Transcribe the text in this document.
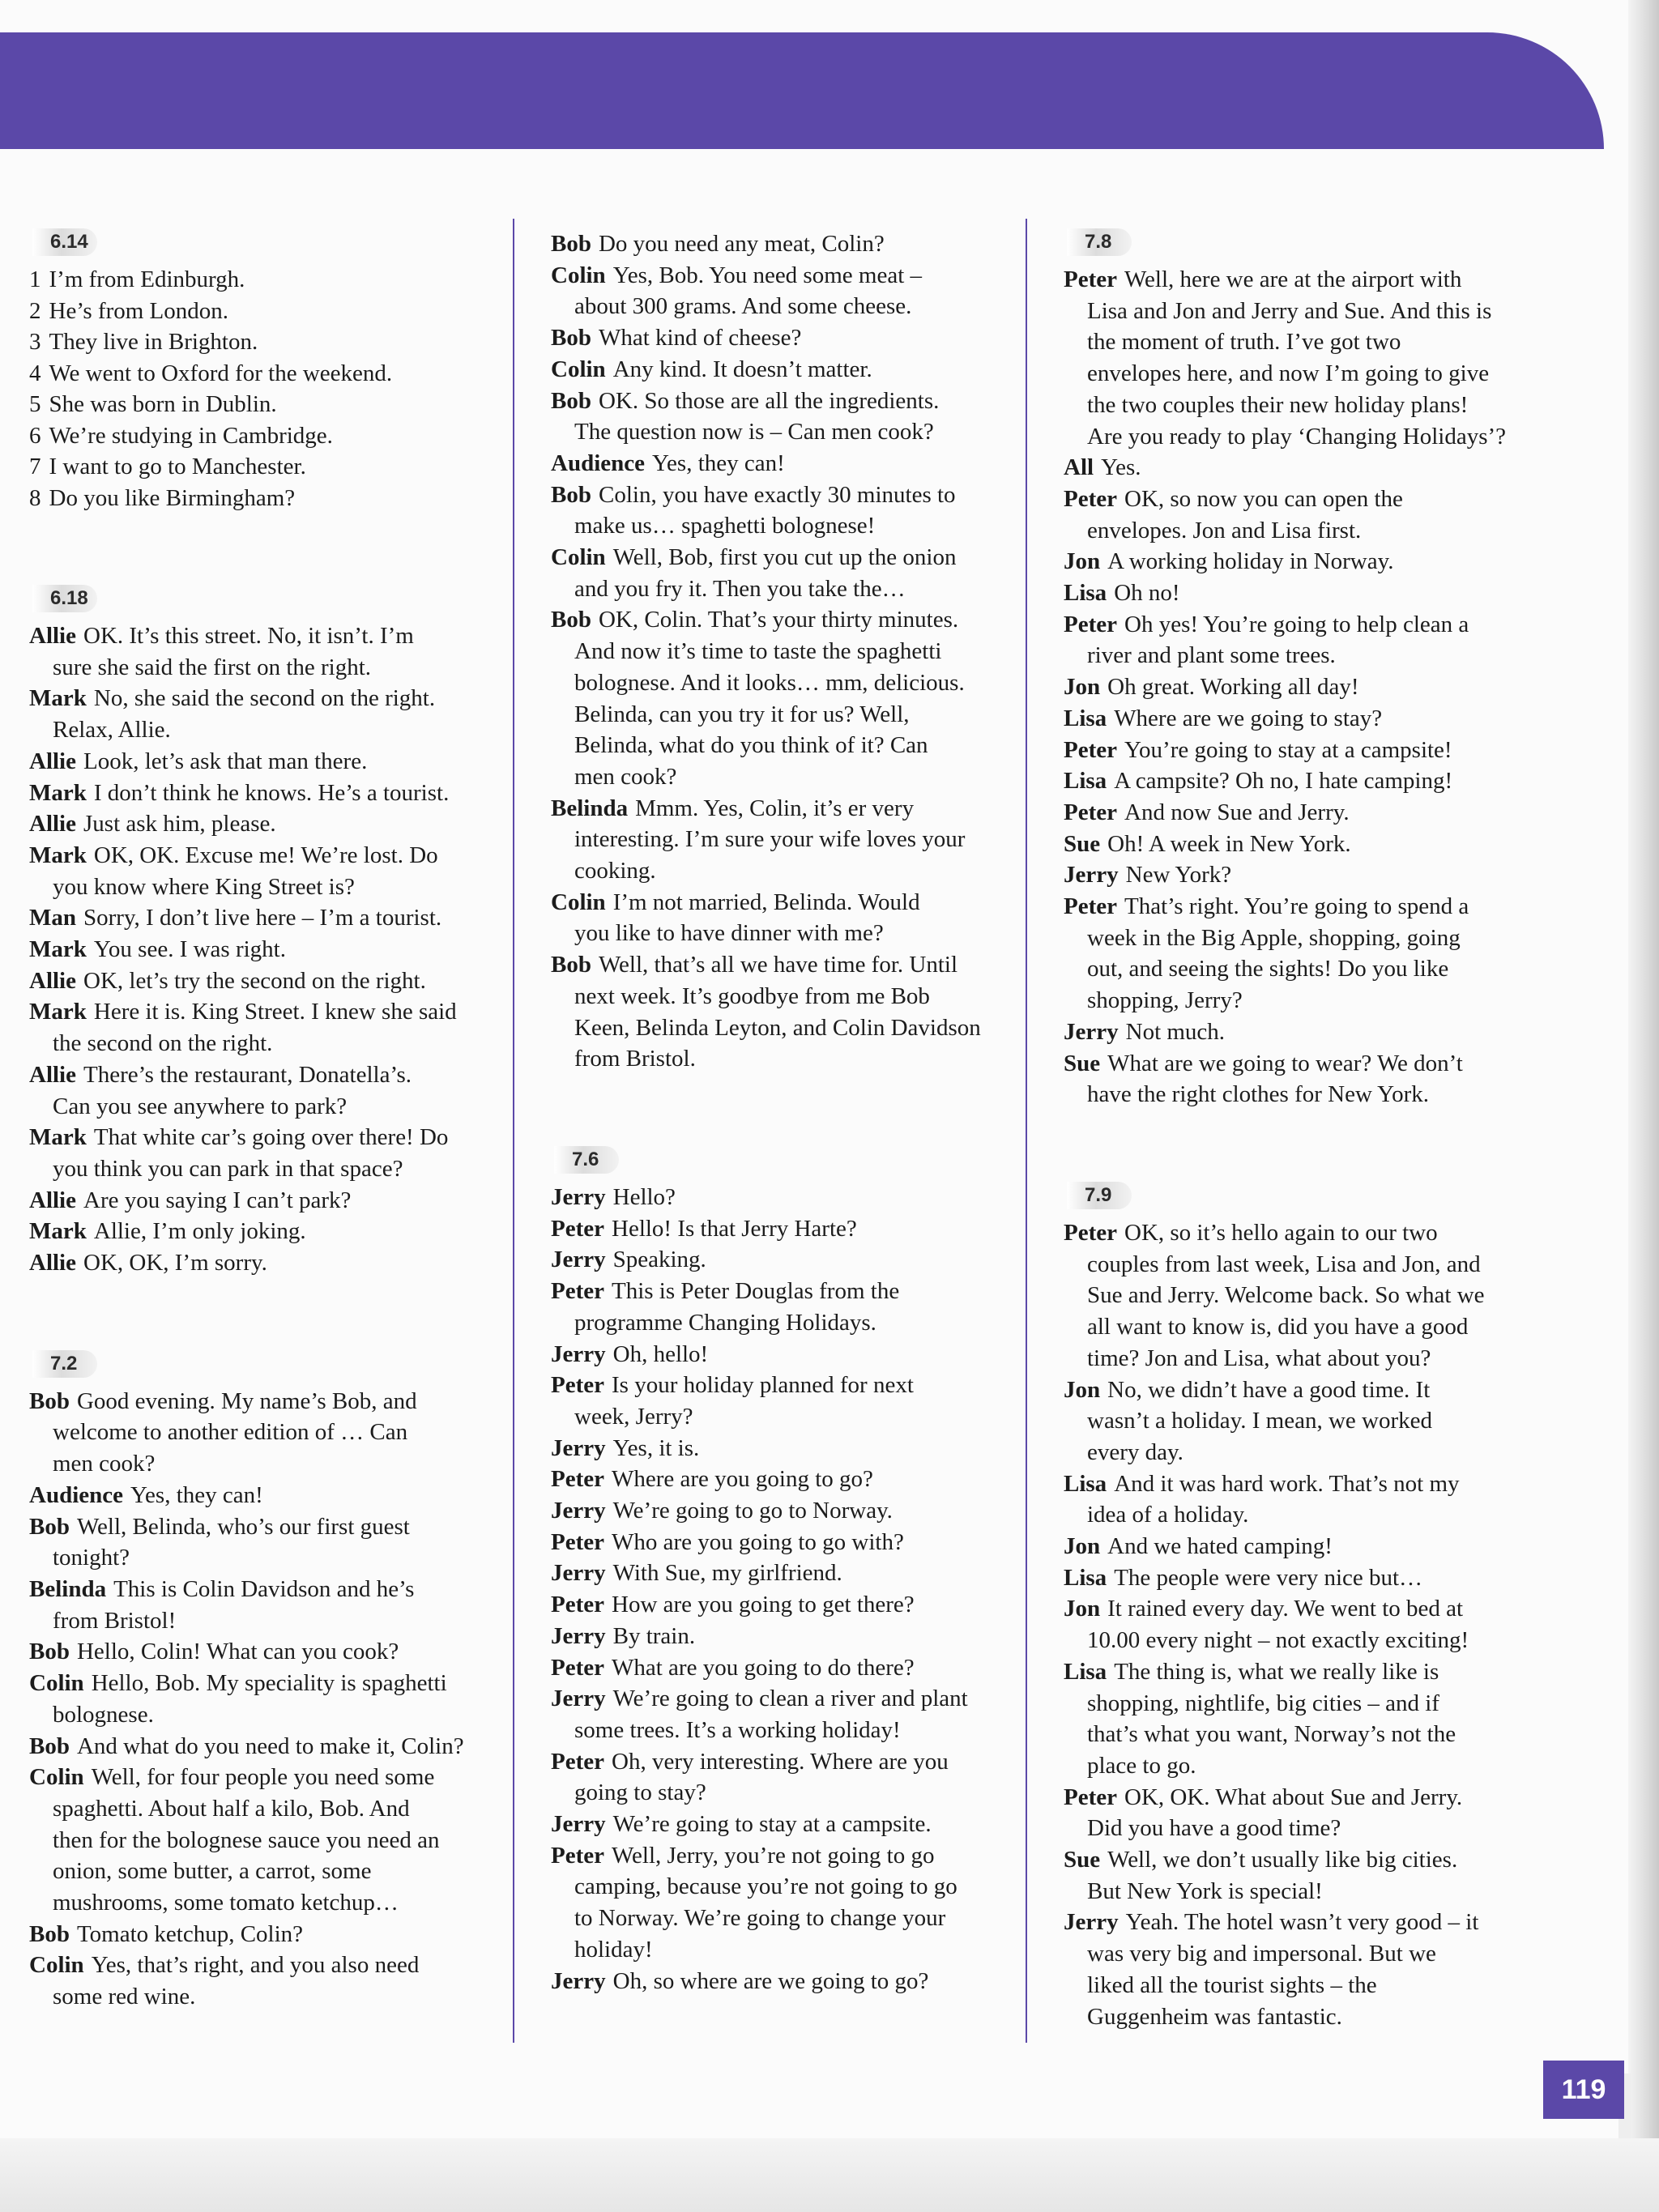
6.14
1 I’m from Edinburgh.
2 He’s from London.
3 They live in Brighton.
4 We went to Oxford for the weekend.
5 She was born in Dublin.
6 We’re studying in Cambridge.
7 I want to go to Manchester.
8 Do you like Birmingham?
6.18
Allie OK. It’s this street. No, it isn’t. I’m
sure she said the first on the right.
Mark No, she said the second on the right.
Relax, Allie.
Allie Look, let’s ask that man there.
Mark I don’t think he knows. He’s a tourist.
Allie Just ask him, please.
Mark OK, OK. Excuse me! We’re lost. Do
you know where King Street is?
Man Sorry, I don’t live here – I’m a tourist.
Mark You see. I was right.
Allie OK, let’s try the second on the right.
Mark Here it is. King Street. I knew she said
the second on the right.
Allie There’s the restaurant, Donatella’s.
Can you see anywhere to park?
Mark That white car’s going over there! Do
you think you can park in that space?
Allie Are you saying I can’t park?
Mark Allie, I’m only joking.
Allie OK, OK, I’m sorry.
7.2
Bob Good evening. My name’s Bob, and
welcome to another edition of … Can
men cook?
Audience Yes, they can!
Bob Well, Belinda, who’s our first guest
tonight?
Belinda This is Colin Davidson and he’s
from Bristol!
Bob Hello, Colin! What can you cook?
Colin Hello, Bob. My speciality is spaghetti
bolognese.
Bob And what do you need to make it, Colin?
Colin Well, for four people you need some
spaghetti. About half a kilo, Bob. And
then for the bolognese sauce you need an
onion, some butter, a carrot, some
mushrooms, some tomato ketchup…
Bob Tomato ketchup, Colin?
Colin Yes, that’s right, and you also need
some red wine.
Bob Do you need any meat, Colin?
Colin Yes, Bob. You need some meat –
about 300 grams. And some cheese.
Bob What kind of cheese?
Colin Any kind. It doesn’t matter.
Bob OK. So those are all the ingredients.
The question now is – Can men cook?
Audience Yes, they can!
Bob Colin, you have exactly 30 minutes to
make us… spaghetti bolognese!
Colin Well, Bob, first you cut up the onion
and you fry it. Then you take the…
Bob OK, Colin. That’s your thirty minutes.
And now it’s time to taste the spaghetti
bolognese. And it looks… mm, delicious.
Belinda, can you try it for us? Well,
Belinda, what do you think of it? Can
men cook?
Belinda Mmm. Yes, Colin, it’s er very
interesting. I’m sure your wife loves your
cooking.
Colin I’m not married, Belinda. Would
you like to have dinner with me?
Bob Well, that’s all we have time for. Until
next week. It’s goodbye from me Bob
Keen, Belinda Leyton, and Colin Davidson
from Bristol.
7.6
Jerry Hello?
Peter Hello! Is that Jerry Harte?
Jerry Speaking.
Peter This is Peter Douglas from the
programme Changing Holidays.
Jerry Oh, hello!
Peter Is your holiday planned for next
week, Jerry?
Jerry Yes, it is.
Peter Where are you going to go?
Jerry We’re going to go to Norway.
Peter Who are you going to go with?
Jerry With Sue, my girlfriend.
Peter How are you going to get there?
Jerry By train.
Peter What are you going to do there?
Jerry We’re going to clean a river and plant
some trees. It’s a working holiday!
Peter Oh, very interesting. Where are you
going to stay?
Jerry We’re going to stay at a campsite.
Peter Well, Jerry, you’re not going to go
camping, because you’re not going to go
to Norway. We’re going to change your
holiday!
Jerry Oh, so where are we going to go?
7.8
Peter Well, here we are at the airport with
Lisa and Jon and Jerry and Sue. And this is
the moment of truth. I’ve got two
envelopes here, and now I’m going to give
the two couples their new holiday plans!
Are you ready to play ‘Changing Holidays’?
All Yes.
Peter OK, so now you can open the
envelopes. Jon and Lisa first.
Jon A working holiday in Norway.
Lisa Oh no!
Peter Oh yes! You’re going to help clean a
river and plant some trees.
Jon Oh great. Working all day!
Lisa Where are we going to stay?
Peter You’re going to stay at a campsite!
Lisa A campsite? Oh no, I hate camping!
Peter And now Sue and Jerry.
Sue Oh! A week in New York.
Jerry New York?
Peter That’s right. You’re going to spend a
week in the Big Apple, shopping, going
out, and seeing the sights! Do you like
shopping, Jerry?
Jerry Not much.
Sue What are we going to wear? We don’t
have the right clothes for New York.
7.9
Peter OK, so it’s hello again to our two
couples from last week, Lisa and Jon, and
Sue and Jerry. Welcome back. So what we
all want to know is, did you have a good
time? Jon and Lisa, what about you?
Jon No, we didn’t have a good time. It
wasn’t a holiday. I mean, we worked
every day.
Lisa And it was hard work. That’s not my
idea of a holiday.
Jon And we hated camping!
Lisa The people were very nice but…
Jon It rained every day. We went to bed at
10.00 every night – not exactly exciting!
Lisa The thing is, what we really like is
shopping, nightlife, big cities – and if
that’s what you want, Norway’s not the
place to go.
Peter OK, OK. What about Sue and Jerry.
Did you have a good time?
Sue Well, we don’t usually like big cities.
But New York is special!
Jerry Yeah. The hotel wasn’t very good – it
was very big and impersonal. But we
liked all the tourist sights – the
Guggenheim was fantastic.
119
